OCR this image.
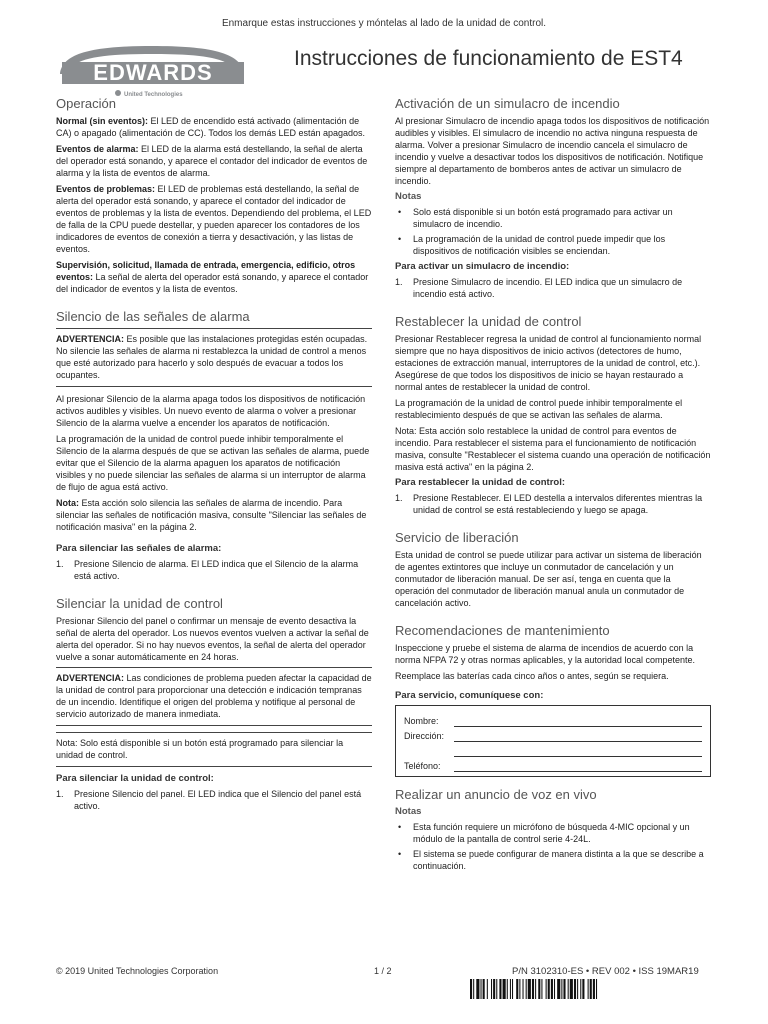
Enmarque estas instrucciones y móntelas al lado de la unidad de control.
EDWARDS
United Technologies
Instrucciones de funcionamiento de EST4
Operación

Normal (sin eventos): El LED de encendido está activado (alimentación de CA) o apagado (alimentación de CC). Todos los demás LED están apagados.

Eventos de alarma: El LED de la alarma está destellando, la señal de alerta del operador está sonando, y aparece el contador del indicador de eventos de alarma y la lista de eventos de alarma.

Eventos de problemas: El LED de problemas está destellando, la señal de alerta del operador está sonando, y aparece el contador del indicador de eventos de problemas y la lista de eventos. Dependiendo del problema, el LED de falla de la CPU puede destellar, y pueden aparecer los contadores de los indicadores de eventos de conexión a tierra y desactivación, y las listas de eventos.

Supervisión, solicitud, llamada de entrada, emergencia, edificio, otros eventos: La señal de alerta del operador está sonando, y aparece el contador del indicador de eventos y la lista de eventos.

Silencio de las señales de alarma

ADVERTENCIA: Es posible que las instalaciones protegidas estén ocupadas. No silencie las señales de alarma ni restablezca la unidad de control a menos que esté autorizado para hacerlo y solo después de evacuar a todos los ocupantes.

Al presionar Silencio de la alarma apaga todos los dispositivos de notificación activos audibles y visibles. Un nuevo evento de alarma o volver a presionar Silencio de la alarma vuelve a encender los aparatos de notificación.

La programación de la unidad de control puede inhibir temporalmente el Silencio de la alarma después de que se activan las señales de alarma, puede evitar que el Silencio de la alarma apaguen los aparatos de notificación visibles y no puede silenciar las señales de alarma si un interruptor de alarma de flujo de agua está activo.

Nota: Esta acción solo silencia las señales de alarma de incendio. Para silenciar las señales de notificación masiva, consulte "Silenciar las señales de notificación masiva" en la página 2.

Para silenciar las señales de alarma:
1. Presione Silencio de alarma. El LED indica que el Silencio de la alarma está activo.
Silenciar la unidad de control

Presionar Silencio del panel o confirmar un mensaje de evento desactiva la señal de alerta del operador. Los nuevos eventos vuelven a activar la señal de alerta del operador. Si no hay nuevos eventos, la señal de alerta del operador vuelve a sonar automáticamente en 24 horas.

ADVERTENCIA: Las condiciones de problema pueden afectar la capacidad de la unidad de control para proporcionar una detección e indicación tempranas de un incendio. Identifique el origen del problema y notifique al personal de servicio autorizado de manera inmediata.

Nota: Solo está disponible si un botón está programado para silenciar la unidad de control.

Para silenciar la unidad de control:
1. Presione Silencio del panel. El LED indica que el Silencio del panel está activo.
Activación de un simulacro de incendio

Al presionar Simulacro de incendio apaga todos los dispositivos de notificación audibles y visibles. El simulacro de incendio no activa ninguna respuesta de alarma. Volver a presionar Simulacro de incendio cancela el simulacro de incendio y vuelve a desactivar todos los dispositivos de notificación. Notifique siempre al departamento de bomberos antes de activar un simulacro de incendio.

Notas
• Solo está disponible si un botón está programado para activar un simulacro de incendio.
• La programación de la unidad de control puede impedir que los dispositivos de notificación visibles se enciendan.
Para activar un simulacro de incendio:
1. Presione Simulacro de incendio. El LED indica que un simulacro de incendio está activo.
Restablecer la unidad de control

Presionar Restablecer regresa la unidad de control al funcionamiento normal siempre que no haya dispositivos de inicio activos (detectores de humo, estaciones de extracción manual, interruptores de la unidad de control, etc.). Asegúrese de que todos los dispositivos de inicio se hayan restaurado a normal antes de restablecer la unidad de control.

La programación de la unidad de control puede inhibir temporalmente el restablecimiento después de que se activan las señales de alarma.

Nota: Esta acción solo restablece la unidad de control para eventos de incendio. Para restablecer el sistema para el funcionamiento de notificación masiva, consulte "Restablecer el sistema cuando una operación de notificación masiva está activa" en la página 2.

Para restablecer la unidad de control:
1. Presione Restablecer. El LED destella a intervalos diferentes mientras la unidad de control se está restableciendo y luego se apaga.
Servicio de liberación

Esta unidad de control se puede utilizar para activar un sistema de liberación de agentes extintores que incluye un conmutador de cancelación y un conmutador de liberación manual. De ser así, tenga en cuenta que la operación del conmutador de liberación manual anula un conmutador de cancelación activo.

Recomendaciones de mantenimiento

Inspeccione y pruebe el sistema de alarma de incendios de acuerdo con la norma NFPA 72 y otras normas aplicables, y la autoridad local competente.

Reemplace las baterías cada cinco años o antes, según se requiera.

Para servicio, comuníquese con:
Nombre:
Dirección:
Teléfono:
Realizar un anuncio de voz en vivo
Notas
• Esta función requiere un micrófono de búsqueda 4-MIC opcional y un módulo de la pantalla de control serie 4-24L.
• El sistema se puede configurar de manera distinta a la que se describe a continuación.
© 2019 United Technologies Corporation	1 / 2	P/N 3102310-ES • REV 002 • ISS 19MAR19
